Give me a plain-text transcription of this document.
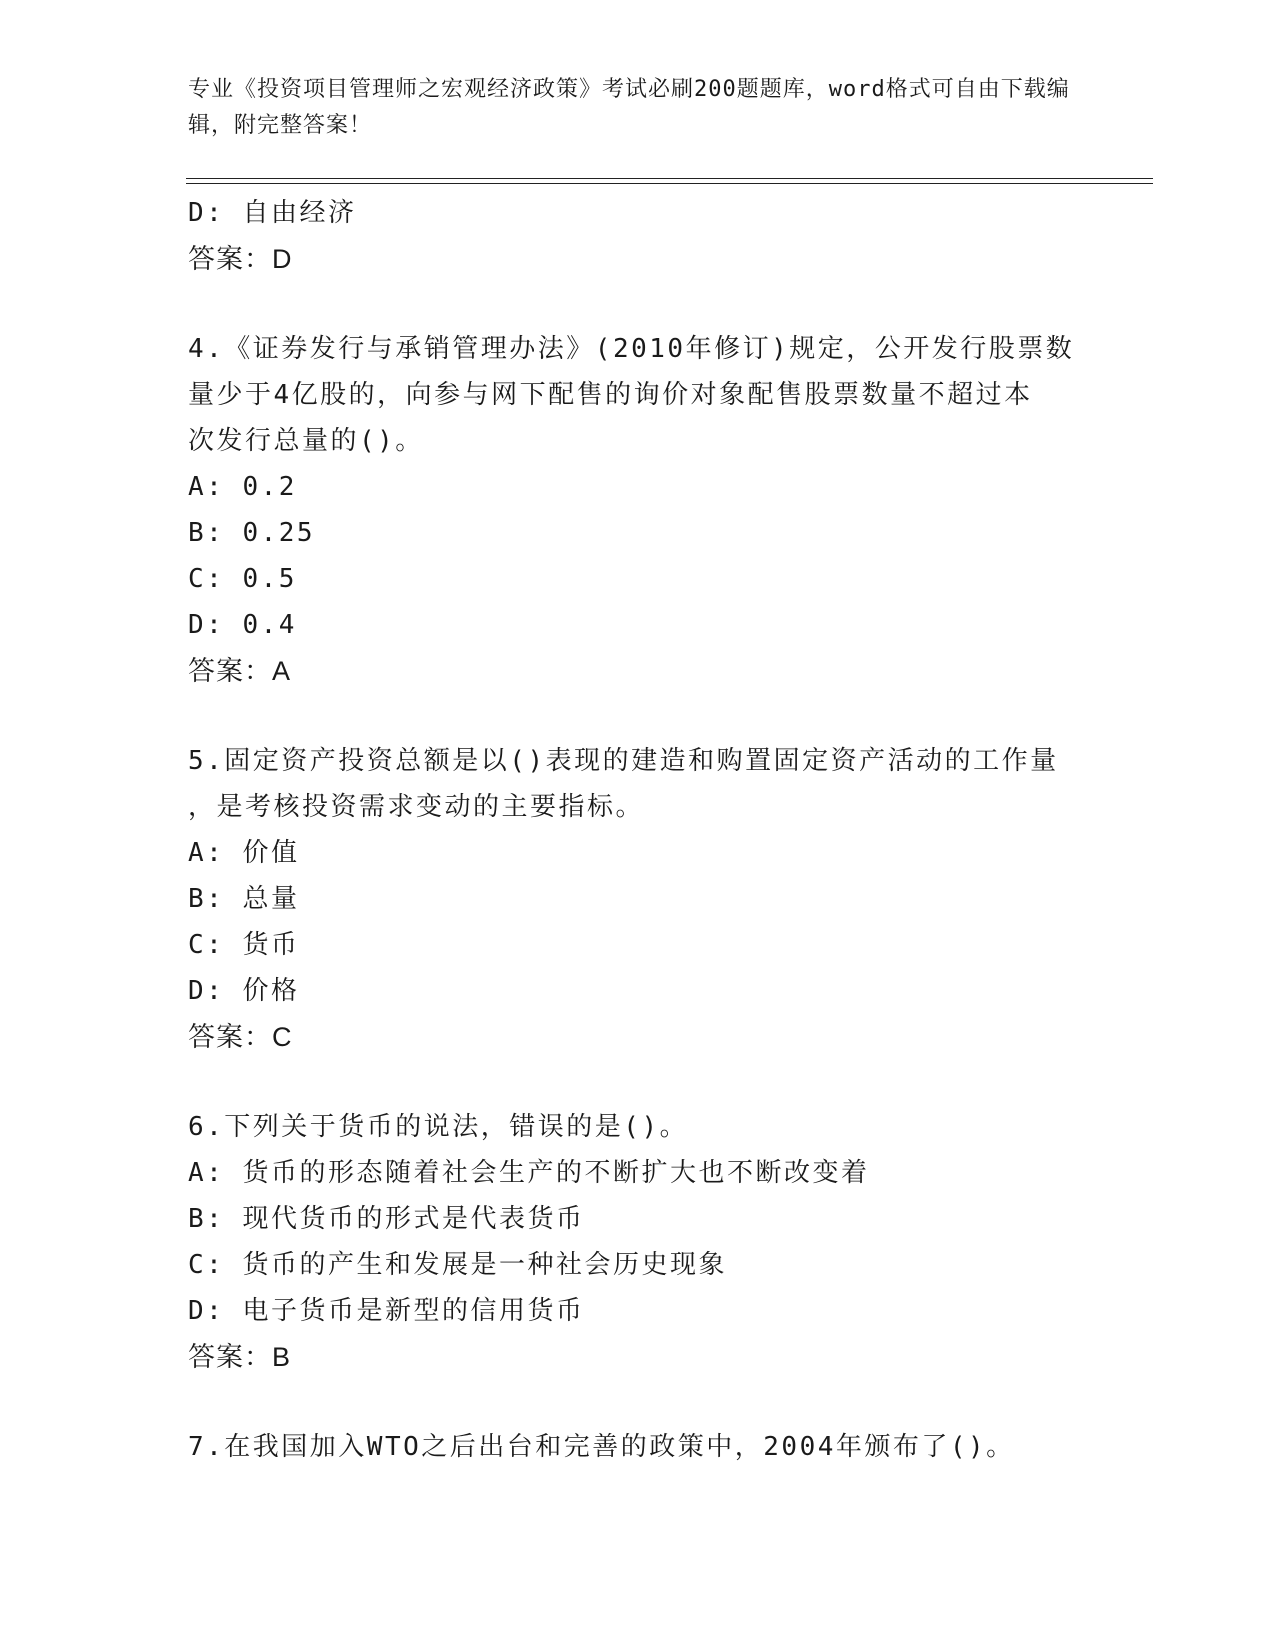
专业《投资项目管理师之宏观经济政策》考试必刷200题题库，word格式可自由下载编辑，附完整答案！
D: 自由经济
答案：D
4.《证券发行与承销管理办法》(2010年修订)规定，公开发行股票数
量少于4亿股的，向参与网下配售的询价对象配售股票数量不超过本
次发行总量的()。
A: 0.2
B: 0.25
C: 0.5
D: 0.4
答案：A
5.固定资产投资总额是以()表现的建造和购置固定资产活动的工作量
，是考核投资需求变动的主要指标。
A: 价值
B: 总量
C: 货币
D: 价格
答案：C
6.下列关于货币的说法，错误的是()。
A: 货币的形态随着社会生产的不断扩大也不断改变着
B: 现代货币的形式是代表货币
C: 货币的产生和发展是一种社会历史现象
D: 电子货币是新型的信用货币
答案：B
7.在我国加入WTO之后出台和完善的政策中，2004年颁布了()。
